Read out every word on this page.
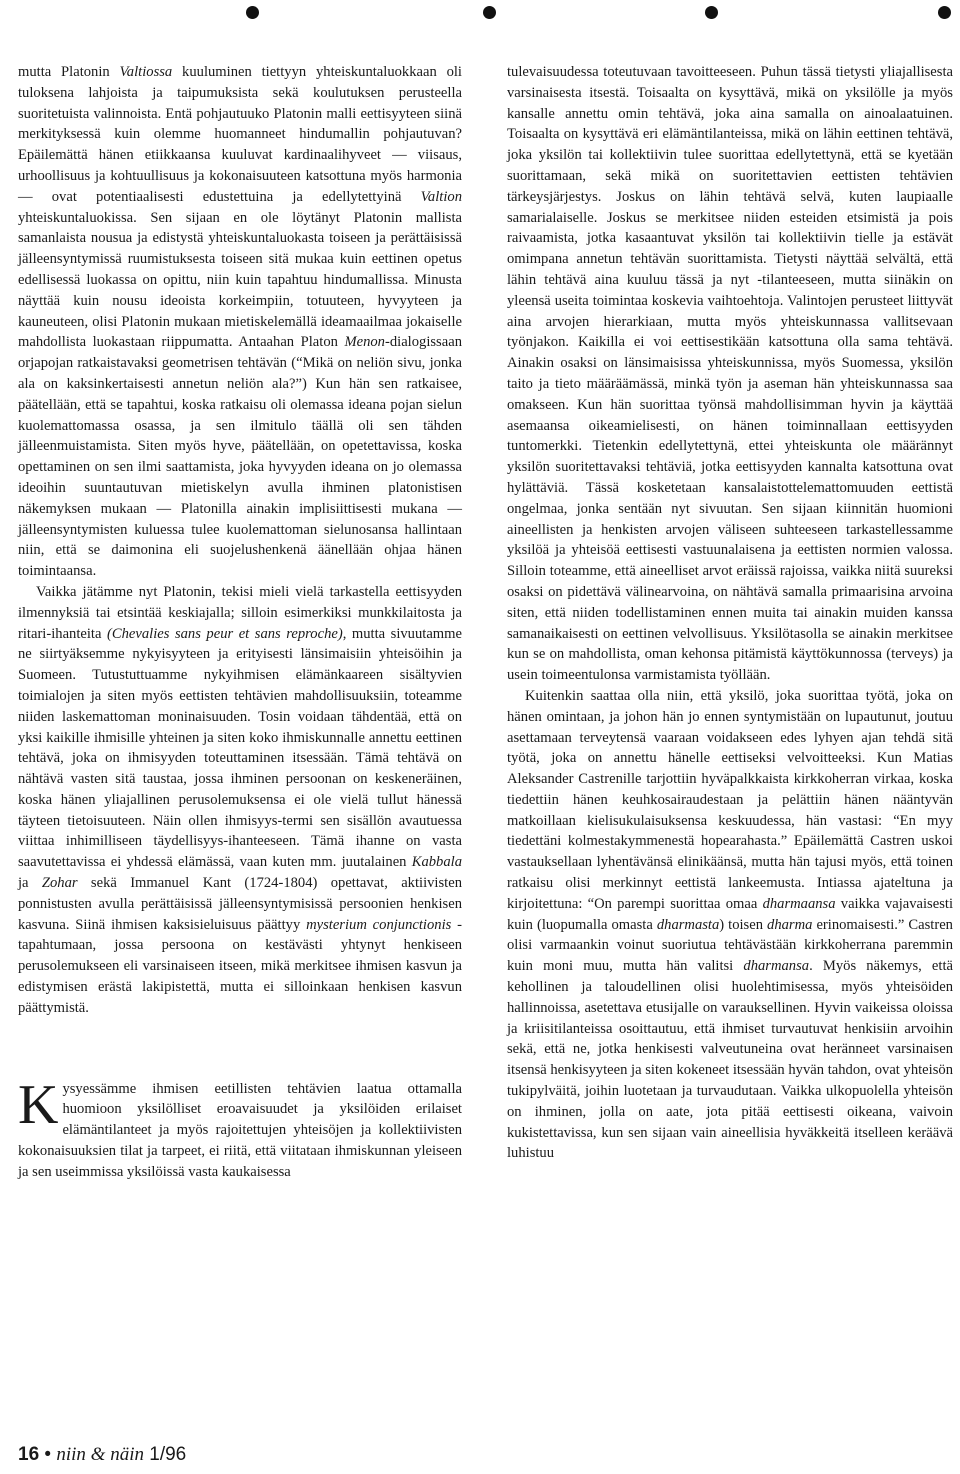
mutta Platonin Valtiossa kuuluminen tiettyyn yhteiskuntaluokkaan oli tuloksena lahjoista ja taipumuksista sekä koulutuksen perusteella suoritetuista valinnoista. Entä pohjautuuko Platonin malli eettisyyteen siinä merkityksessä kuin olemme huomanneet hindumallin pohjautuvan? Epäilemättä hänen etiikkaansa kuuluvat kardinaalihyveet — viisaus, urhoollisuus ja kohtuullisuus ja kokonaisuuteen katsottuna myös harmonia — ovat potentiaalisesti edustettuina ja edellytettyinä Valtion yhteiskuntaluokissa. Sen sijaan en ole löytänyt Platonin mallista samanlaista nousua ja edistystä yhteiskuntaluokasta toiseen ja perättäisissä jälleensyntymissä ruumistuksesta toiseen sitä mukaa kuin eettinen opetus edellisessä luokassa on opittu, niin kuin tapahtuu hindumallissa. Minusta näyttää kuin nousu ideoista korkeimpiin, totuuteen, hyvyyteen ja kauneuteen, olisi Platonin mukaan mietiskelemällä ideamaailmaa jokaiselle mahdollista luokastaan riippumatta. Antaahan Platon Menon-dialogissaan orjapojan ratkaistavaksi geometrisen tehtävän (“Mikä on neliön sivu, jonka ala on kaksinkertaisesti annetun neliön ala?”) Kun hän sen ratkaisee, päätellään, että se tapahtui, koska ratkaisu oli olemassa ideana pojan sielun kuolemattomassa osassa, ja sen ilmitulo täällä oli sen tähden jälleenmuistamista. Siten myös hyve, päätellään, on opetettavissa, koska opettaminen on sen ilmi saattamista, joka hyvyyden ideana on jo olemassa ideoihin suuntautuvan mietiskelyn avulla ihminen platonistisen näkemyksen mukaan — Platonilla ainakin implisiittisesti mukana — jälleensyntymisten kuluessa tulee kuolemattoman sielunosansa hallintaan niin, että se daimonina eli suojelushenkenä äänellään ohjaa hänen toimintaansa.

Vaikka jätämme nyt Platonin, tekisi mieli vielä tarkastella eettisyyden ilmennyksiä tai etsintää keskiajalla; silloin esimerkiksi munkkilaitosta ja ritari-ihanteita (Chevalies sans peur et sans reproche), mutta sivuutamme ne siirtyäksemme nykyisyyteen ja erityisesti länsimaisiin yhteisöihin ja Suomeen. Tutustuttuamme nykyihmisen elämänkaareen sisältyvien toimialojen ja siten myös eettisten tehtävien mahdollisuuksiin, toteamme niiden laskemattoman moninaisuuden. Tosin voidaan tähdentää, että on yksi kaikille ihmisille yhteinen ja siten koko ihmiskunnalle annettu eettinen tehtävä, joka on ihmisyyden toteuttaminen itsessään. Tämä tehtävä on nähtävä vasten sitä taustaa, jossa ihminen persoonan on keskeneräinen, koska hänen yliajallinen perusolemuksensa ei ole vielä tullut hänessä täyteen tietoisuuteen. Näin ollen ihmisyys-termi sen sisällön avautuessa viittaa inhimilliseen täydellisyys-ihanteeseen. Tämä ihanne on vasta saavutettavissa ei yhdessä elämässä, vaan kuten mm. juutalainen Kabbala ja Zohar sekä Immanuel Kant (1724-1804) opettavat, aktiivisten ponnistusten avulla perättäisissä jälleensyntymisissä persoonien henkisen kasvuna. Siinä ihmisen kaksisieluisuus päättyy mysterium conjunctionis -tapahtumaan, jossa persoona on kestävästi yhtynyt henkiseen perusolemukseen eli varsinaiseen itseen, mikä merkitsee ihmisen kasvun ja edistymisen erästä lakipistettä, mutta ei silloinkaan henkisen kasvun päättymistä.

Kysyessämme ihmisen eetillisten tehtävien laatua ottamalla huomioon yksilölliset eroavaisuudet ja yksilöiden erilaiset elämäntilanteet ja myös rajoitettujen yhteisöjen ja kollektiivisten kokonaisuuksien tilat ja tarpeet, ei riitä, että viitataan ihmiskunnan yleiseen ja sen useimmissa yksilöissä vasta kaukaisessa

tulevaisuudessa toteutuvaan tavoitteeseen. Puhun tässä tietysti yliajallisesta varsinaisesta itsestä. Toisaalta on kysyttävä, mikä on yksilölle ja myös kansalle annettu omin tehtävä, joka aina samalla on ainoalaatuinen. Toisaalta on kysyttävä eri elämäntilanteissa, mikä on lähin eettinen tehtävä, joka yksilön tai kollektiivin tulee suorittaa edellytettynä, että se kyetään suorittamaan, sekä mikä on suoritettavien eettisten tehtävien tärkeysjärjestys. Joskus on lähin tehtävä selvä, kuten laupiaalle samarialaiselle. Joskus se merkitsee niiden esteiden etsimistä ja pois raivaamista, jotka kasaantuvat yksilön tai kollektiivin tielle ja estävät omimpana annetun tehtävän suorittamista. Tietysti näyttää selvältä, että lähin tehtävä aina kuuluu tässä ja nyt -tilanteeseen, mutta siinäkin on yleensä useita toimintaa koskevia vaihtoehtoja. Valintojen perusteet liittyvät aina arvojen hierarkiaan, mutta myös yhteiskunnassa vallitsevaan työnjakon. Kaikilla ei voi eettisestikään katsottuna olla sama tehtävä. Ainakin osaksi on länsimaisissa yhteiskunnissa, myös Suomessa, yksilön taito ja tieto määräämässä, minkä työn ja aseman hän yhteiskunnassa saa omakseen. Kun hän suorittaa työnsä mahdollisimman hyvin ja käyttää asemaansa oikeamielisesti, on hänen toiminnallaan eettisyyden tuntomerkki. Tietenkin edellytettynä, ettei yhteiskunta ole määrännyt yksilön suoritettavaksi tehtäviä, jotka eettisyyden kannalta katsottuna ovat hylättäviä. Tässä kosketetaan kansalaistottelemattomuuden eettistä ongelmaa, jonka sentään nyt sivuutan. Sen sijaan kiinnitän huomioni aineellisten ja henkisten arvojen väliseen suhteeseen tarkastellessamme yksilöä ja yhteisöä eettisesti vastuunalaisena ja eettisten normien valossa. Silloin toteamme, että aineelliset arvot eräissä rajoissa, vaikka niitä suureksi osaksi on pidettävä välinearvoina, on nähtävä samalla primaarisina arvoina siten, että niiden todellistaminen ennen muita tai ainakin muiden kanssa samanaikaisesti on eettinen velvollisuus. Yksilötasolla se ainakin merkitsee kun se on mahdollista, oman kehonsa pitämistä käyttökunnossa (terveys) ja usein toimeentulonsa varmistamista työllään.

Kuitenkin saattaa olla niin, että yksilö, joka suorittaa työtä, joka on hänen omintaan, ja johon hän jo ennen syntymistään on lupautunut, joutuu asettamaan terveytensä vaaraan voidakseen edes lyhyen ajan tehdä sitä työtä, joka on annettu hänelle eettiseksi velvoitteeksi. Kun Matias Aleksander Castrenille tarjottiin hyväpalkkaista kirkkoherran virkaa, koska tiedettiin hänen keuhkosairaudestaan ja pelättiin hänen nääntyvän matkoillaan kielisukulaisuksensa keskuudessa, hän vastasi: “En myy tiedettäni kolmestakymmenestä hopearahasta.” Epäilemättä Castren uskoi vastauksellaan lyhentävänsä elinikäänsä, mutta hän tajusi myös, että toinen ratkaisu olisi merkinnyt eettistä lankeemusta. Intiassa ajateltuna ja kirjoitettuna: “On parempi suorittaa omaa dharmaansa vaikka vajavaisesti kuin (luopumalla omasta dharmasta) toisen dharma erinomaisesti.” Castren olisi varmaankin voinut suoriutua tehtävästään kirkkoherrana paremmin kuin moni muu, mutta hän valitsi dharmansa. Myös näkemys, että kehollinen ja taloudellinen olisi huolehtimisessa, myös yhteisöiden hallinnoissa, asetettava etusijalle on varauksellinen. Hyvin vaikeissa oloissa ja kriisitilanteissa osoittautuu, että ihmiset turvautuvat henkisiin arvoihin sekä, että ne, jotka henkisesti valveutuneina ovat heränneet varsinaisen itsensä henkisyyteen ja siten kokeneet itsessään hyvän tahdon, ovat yhteisön tukipylväitä, joihin luotetaan ja turvaudutaan. Vaikka ulkopuolella yhteisön on ihminen, jolla on aate, jota pitää eettisesti oikeana, vaivoin kukistettavissa, kun sen sijaan vain aineellisia hyväkkeitä itselleen keräävä luhistuu

16 • niin & näin 1/96
